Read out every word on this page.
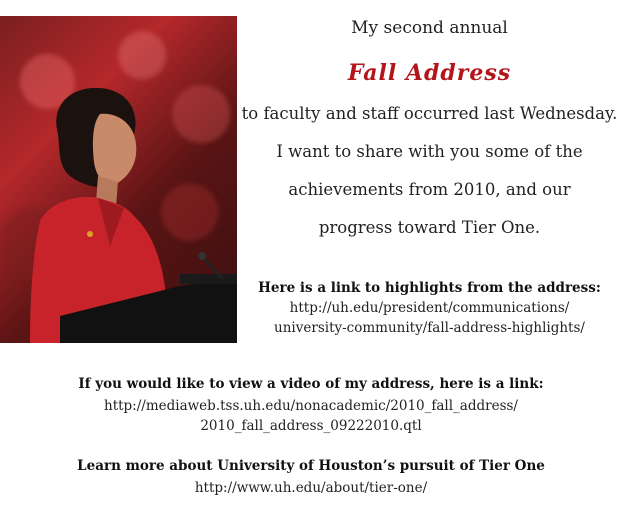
My second annual
Fall Address
to faculty and staff occurred last Wednesday.
I want to share with you some of the
achievements from 2010, and our
progress toward Tier One.
Here is a link to highlights from the address:
http://uh.edu/president/communications/
university-community/fall-address-highlights/
If you would like to view a video of my address, here is a link:
http://mediaweb.tss.uh.edu/nonacademic/2010_fall_address/
2010_fall_address_09222010.qtl
Learn more about University of Houston’s pursuit of Tier One
http://www.uh.edu/about/tier-one/
